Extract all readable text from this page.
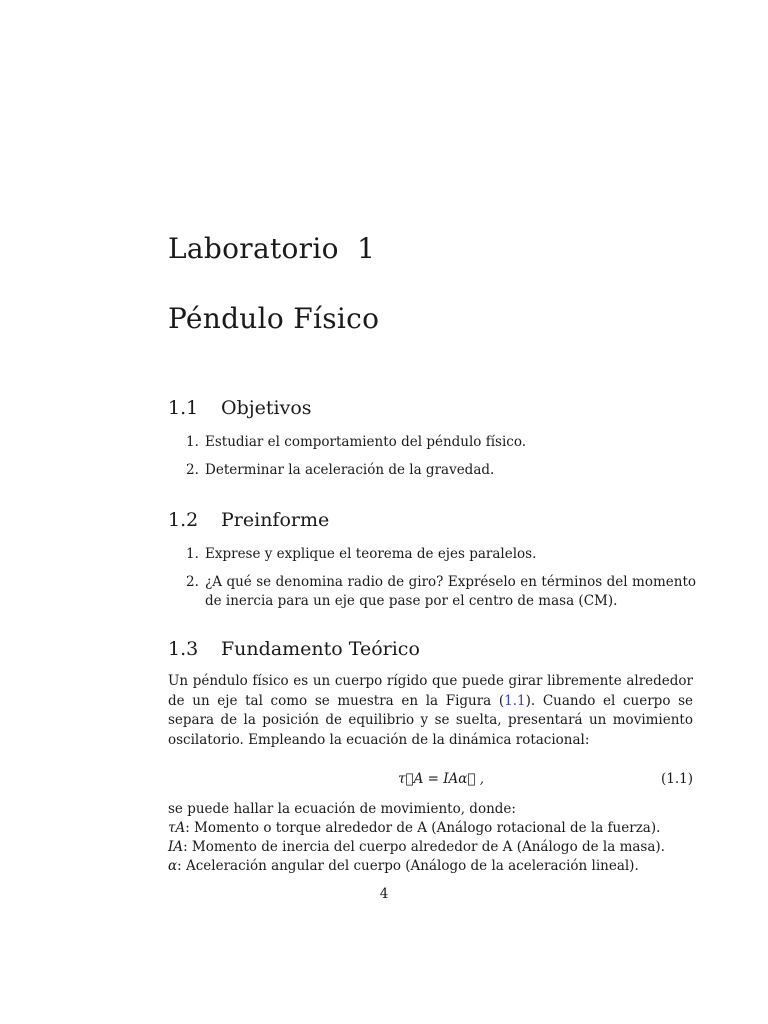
Laboratorio  1
Péndulo Físico
1.1 Objetivos
1. Estudiar el comportamiento del péndulo físico.
2. Determinar la aceleración de la gravedad.
1.2 Preinforme
1. Exprese y explique el teorema de ejes paralelos.
2. ¿A qué se denomina radio de giro? Expréselo en términos del momento de inercia para un eje que pase por el centro de masa (CM).
1.3 Fundamento Teórico
Un péndulo físico es un cuerpo rígido que puede girar libremente alrededor de un eje tal como se muestra en la Figura (1.1). Cuando el cuerpo se separa de la posición de equilibrio y se suelta, presentará un movimiento oscilatorio. Empleando la ecuación de la dinámica rotacional:
τ⃗A = IAα⃗ ,	(1.1)
se puede hallar la ecuación de movimiento, donde:
τA: Momento o torque alrededor de A (Análogo rotacional de la fuerza).
IA: Momento de inercia del cuerpo alrededor de A (Análogo de la masa).
α: Aceleración angular del cuerpo (Análogo de la aceleración lineal).
4
